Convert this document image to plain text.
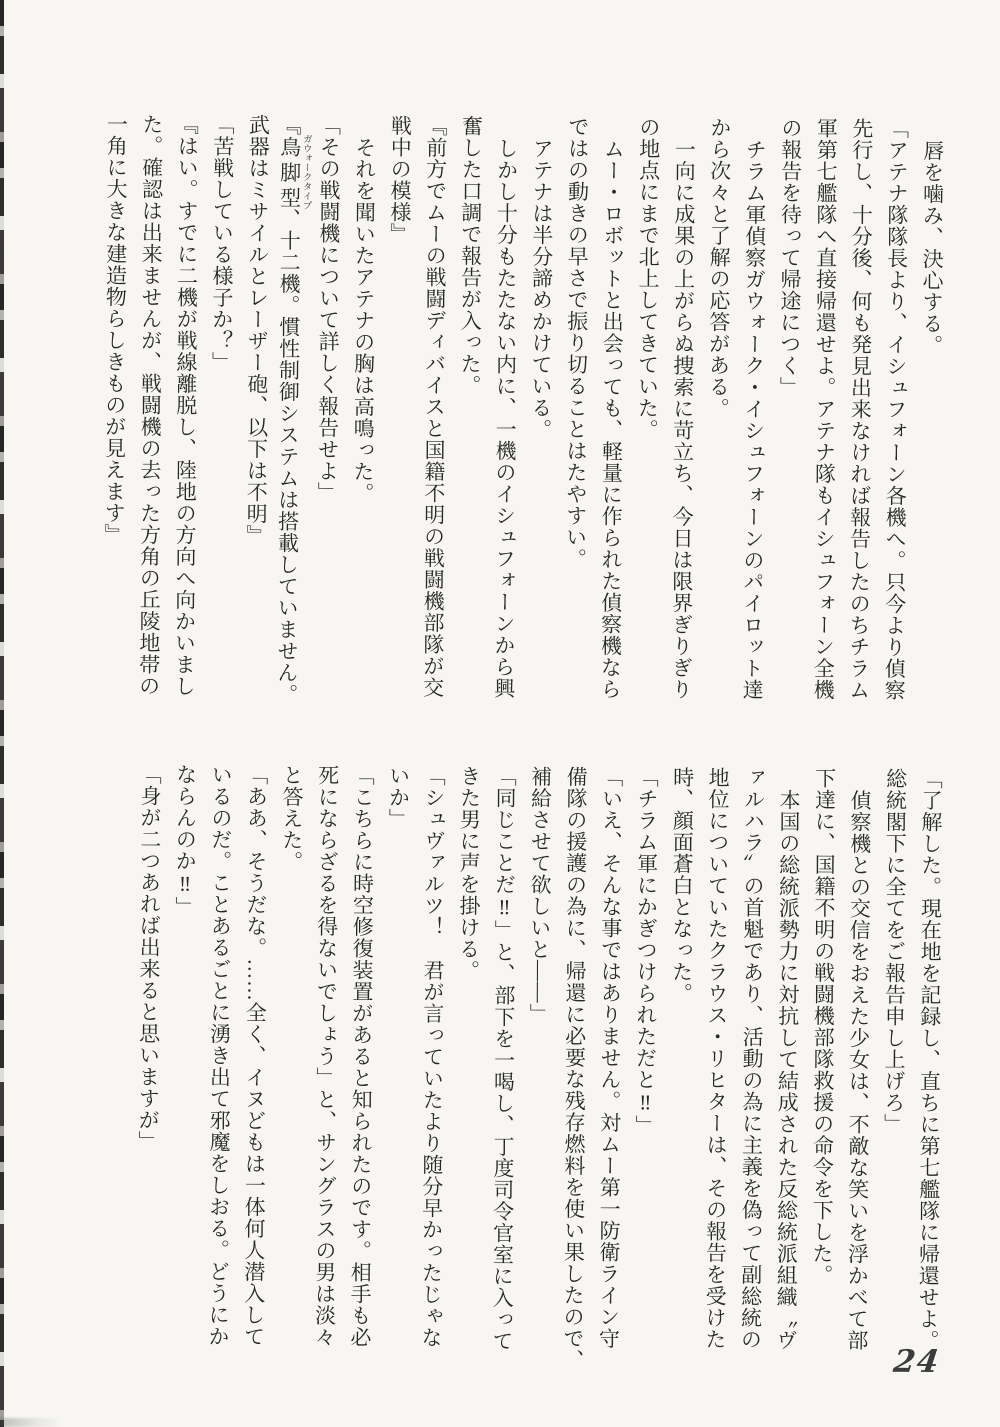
唇を噛み、決心する。
「アテナ隊隊長より、イシュフォーン各機へ。只今より偵察
先行し、十分後、何も発見出来なければ報告したのちチラム
軍第七艦隊へ直接帰還せよ。アテナ隊もイシュフォーン全機
の報告を待って帰途につく」
チラム軍偵察ガウォーク・イシュフォーンのパイロット達
から次々と了解の応答がある。
一向に成果の上がらぬ捜索に苛立ち、今日は限界ぎりぎり
の地点にまで北上してきていた。
ムー・ロボットと出会っても、軽量に作られた偵察機なら
ではの動きの早さで振り切ることはたやすい。
アテナは半分諦めかけている。
しかし十分もたたない内に、一機のイシュフォーンから興
奮した口調で報告が入った。
『前方でムーの戦闘ディバイスと国籍不明の戦闘機部隊が交
戦中の模様』
それを聞いたアテナの胸は高鳴った。
「その戦闘機について詳しく報告せよ」
『鳥脚型ガウォークタイプ、十二機。慣性制御システムは搭載していません。
武器はミサイルとレーザー砲、以下は不明』
「苦戦している様子か？」
『はい。すでに二機が戦線離脱し、陸地の方向へ向かいまし
た。確認は出来ませんが、戦闘機の去った方角の丘陵地帯の
一角に大きな建造物らしきものが見えます』
「了解した。現在地を記録し、直ちに第七艦隊に帰還せよ。
総統閣下に全てをご報告申し上げろ」
偵察機との交信をおえた少女は、不敵な笑いを浮かべて部
下達に、国籍不明の戦闘機部隊救援の命令を下した。
本国の総統派勢力に対抗して結成された反総統派組織〝ヴ
ァルハラ〟の首魁であり、活動の為に主義を偽って副総統の
地位についていたクラウス・リヒターは、その報告を受けた
時、顔面蒼白となった。
「チラム軍にかぎつけられただと‼」
「いえ、そんな事ではありません。対ムー第一防衛ライン守
備隊の援護の為に、帰還に必要な残存燃料を使い果したので、
補給させて欲しいと――」
「同じことだ‼」と、部下を一喝し、丁度司令官室に入って
きた男に声を掛ける。
「シュヴァルツ！　君が言っていたより随分早かったじゃな
いか」
「こちらに時空修復装置があると知られたのです。相手も必
死にならざるを得ないでしょう」と、サングラスの男は淡々
と答えた。
「ああ、そうだな。……全く、イヌどもは一体何人潜入して
いるのだ。ことあるごとに湧き出て邪魔をしおる。どうにか
ならんのか‼」
「身が二つあれば出来ると思いますが」
24
